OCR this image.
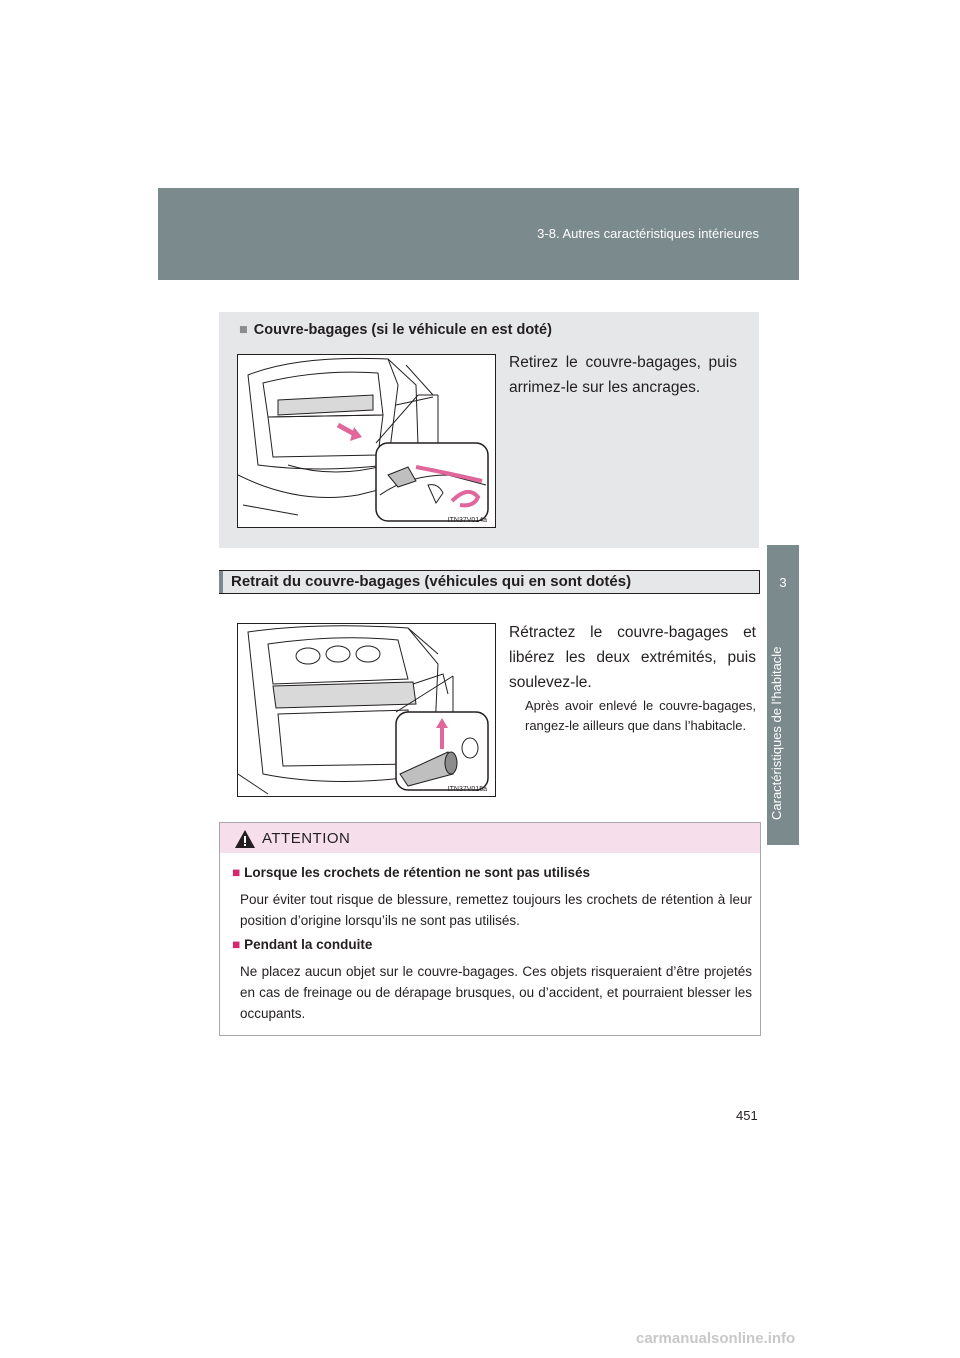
3-8. Autres caractéristiques intérieures
3
Caractéristiques de l’habitacle
■ Couvre-bagages (si le véhicule en est doté)
Retirez le couvre-bagages, puis arrimez-le sur les ancrages.
ITN37V014a
Retrait du couvre-bagages (véhicules qui en sont dotés)
ITN37V015a
Rétractez le couvre-bagages et libérez les deux extrémités, puis soulevez-le.
Après avoir enlevé le couvre-bagages, rangez-le ailleurs que dans l’habitacle.
ATTENTION
■ Lorsque les crochets de rétention ne sont pas utilisés
Pour éviter tout risque de blessure, remettez toujours les crochets de rétention à leur position d’origine lorsqu’ils ne sont pas utilisés.
■ Pendant la conduite
Ne placez aucun objet sur le couvre-bagages. Ces objets risqueraient d’être projetés en cas de freinage ou de dérapage brusques, ou d’accident, et pourraient blesser les occupants.
451
carmanualsonline.info
